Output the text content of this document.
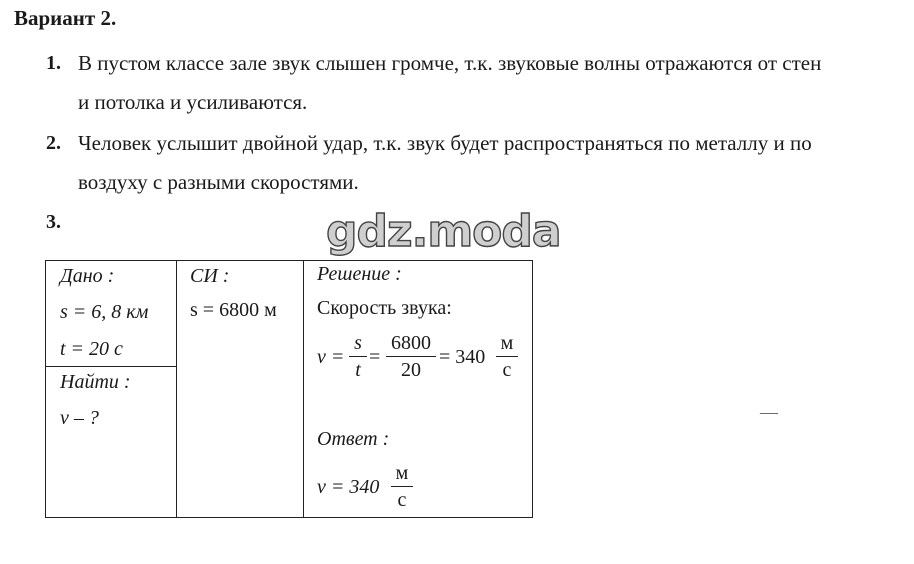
Вариант 2.
1. В пустом классе зале звук слышен громче, т.к. звуковые волны отражаются от стен
и потолка и усиливаются.
2. Человек услышит двойной удар, т.к. звук будет распространяться по металлу и по
воздуху с разными скоростями.
3.	gdz.moda
Дано :
s = 6, 8 км
t = 20 с
Найти :
v – ?
СИ :
s = 6800 м
Решение :
Скорость звука:
v =
s
t
=
6800
20
= 340
м
с
Ответ :
v = 340
м
с
—
